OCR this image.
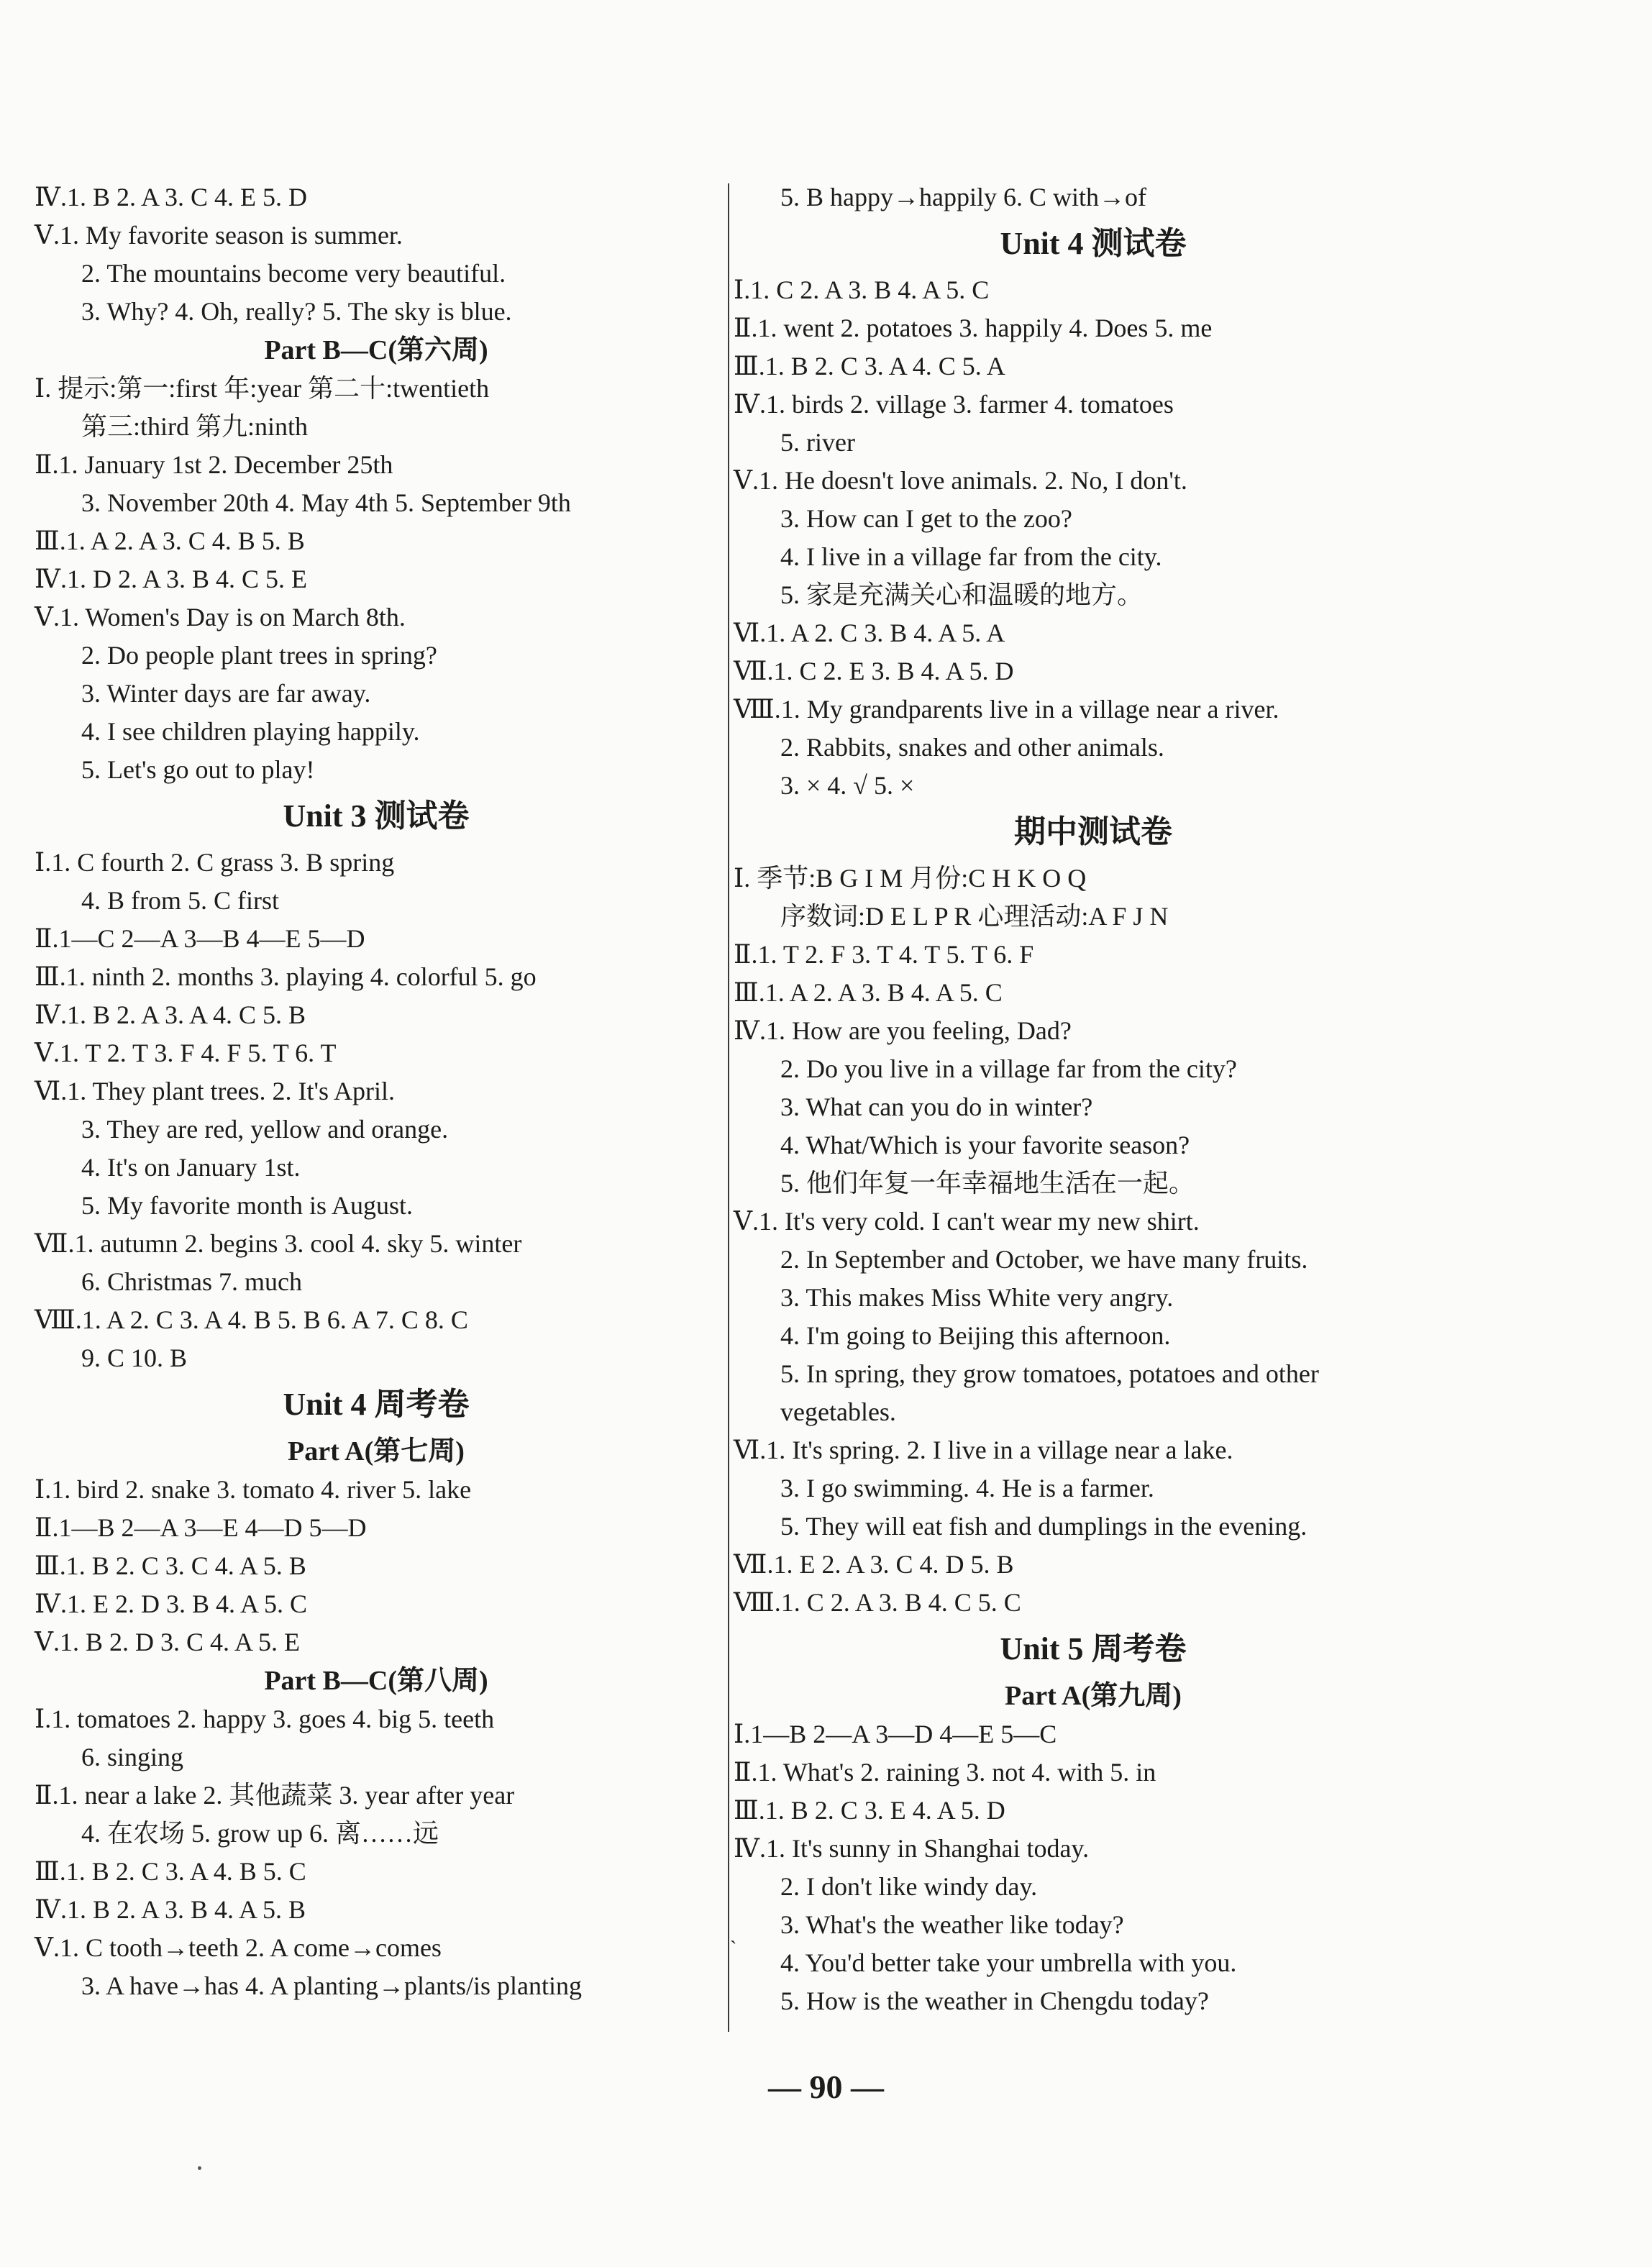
Ⅳ.1. B 2. A 3. C 4. E 5. D
Ⅴ.1. My favorite season is summer.
2. The mountains become very beautiful.
3. Why? 4. Oh, really? 5. The sky is blue.
Part B—C(第六周)
Ⅰ. 提示:第一:first 年:year 第二十:twentieth
第三:third 第九:ninth
Ⅱ.1. January 1st 2. December 25th
3. November 20th 4. May 4th 5. September 9th
Ⅲ.1. A 2. A 3. C 4. B 5. B
Ⅳ.1. D 2. A 3. B 4. C 5. E
Ⅴ.1. Women's Day is on March 8th.
2. Do people plant trees in spring?
3. Winter days are far away.
4. I see children playing happily.
5. Let's go out to play!
Unit 3 测试卷
Ⅰ.1. C fourth 2. C grass 3. B spring
4. B from 5. C first
Ⅱ.1—C 2—A 3—B 4—E 5—D
Ⅲ.1. ninth 2. months 3. playing 4. colorful 5. go
Ⅳ.1. B 2. A 3. A 4. C 5. B
Ⅴ.1. T 2. T 3. F 4. F 5. T 6. T
Ⅵ.1. They plant trees. 2. It's April.
3. They are red, yellow and orange.
4. It's on January 1st.
5. My favorite month is August.
Ⅶ.1. autumn 2. begins 3. cool 4. sky 5. winter
6. Christmas 7. much
Ⅷ.1. A 2. C 3. A 4. B 5. B 6. A 7. C 8. C
9. C 10. B
Unit 4 周考卷
Part A(第七周)
Ⅰ.1. bird 2. snake 3. tomato 4. river 5. lake
Ⅱ.1—B 2—A 3—E 4—D 5—D
Ⅲ.1. B 2. C 3. C 4. A 5. B
Ⅳ.1. E 2. D 3. B 4. A 5. C
Ⅴ.1. B 2. D 3. C 4. A 5. E
Part B—C(第八周)
Ⅰ.1. tomatoes 2. happy 3. goes 4. big 5. teeth
6. singing
Ⅱ.1. near a lake 2. 其他蔬菜 3. year after year
4. 在农场 5. grow up 6. 离……远
Ⅲ.1. B 2. C 3. A 4. B 5. C
Ⅳ.1. B 2. A 3. B 4. A 5. B
Ⅴ.1. C tooth→teeth 2. A come→comes
3. A have→has 4. A planting→plants/is planting
5. B happy→happily 6. C with→of
Unit 4 测试卷
Ⅰ.1. C 2. A 3. B 4. A 5. C
Ⅱ.1. went 2. potatoes 3. happily 4. Does 5. me
Ⅲ.1. B 2. C 3. A 4. C 5. A
Ⅳ.1. birds 2. village 3. farmer 4. tomatoes
5. river
Ⅴ.1. He doesn't love animals. 2. No, I don't.
3. How can I get to the zoo?
4. I live in a village far from the city.
5. 家是充满关心和温暖的地方。
Ⅵ.1. A 2. C 3. B 4. A 5. A
Ⅶ.1. C 2. E 3. B 4. A 5. D
Ⅷ.1. My grandparents live in a village near a river.
2. Rabbits, snakes and other animals.
3. × 4. √ 5. ×
期中测试卷
Ⅰ. 季节:B G I M 月份:C H K O Q
序数词:D E L P R 心理活动:A F J N
Ⅱ.1. T 2. F 3. T 4. T 5. T 6. F
Ⅲ.1. A 2. A 3. B 4. A 5. C
Ⅳ.1. How are you feeling, Dad?
2. Do you live in a village far from the city?
3. What can you do in winter?
4. What/Which is your favorite season?
5. 他们年复一年幸福地生活在一起。
Ⅴ.1. It's very cold. I can't wear my new shirt.
2. In September and October, we have many fruits.
3. This makes Miss White very angry.
4. I'm going to Beijing this afternoon.
5. In spring, they grow tomatoes, potatoes and other
vegetables.
Ⅵ.1. It's spring. 2. I live in a village near a lake.
3. I go swimming. 4. He is a farmer.
5. They will eat fish and dumplings in the evening.
Ⅶ.1. E 2. A 3. C 4. D 5. B
Ⅷ.1. C 2. A 3. B 4. C 5. C
Unit 5 周考卷
Part A(第九周)
Ⅰ.1—B 2—A 3—D 4—E 5—C
Ⅱ.1. What's 2. raining 3. not 4. with 5. in
Ⅲ.1. B 2. C 3. E 4. A 5. D
Ⅳ.1. It's sunny in Shanghai today.
2. I don't like windy day.
3. What's the weather like today?
4. You'd better take your umbrella with you.
5. How is the weather in Chengdu today?
ˋ
— 90 —
